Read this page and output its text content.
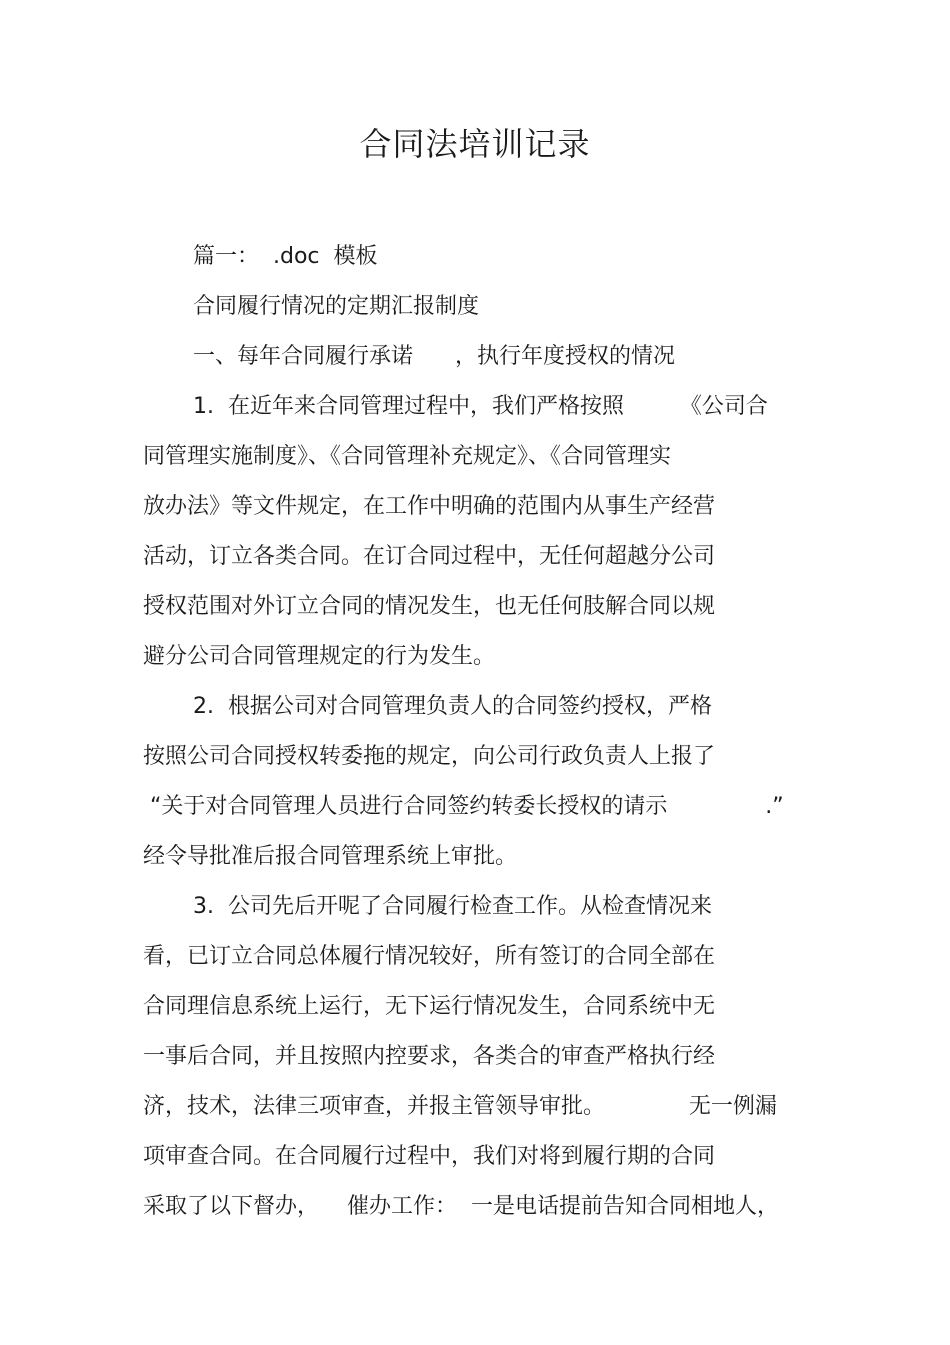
合同法培训记录
篇一：  .doc  模板
合同履行情况的定期汇报制度
一、每年合同履行承诺      ，执行年度授权的情况
1.  在近年来合同管理过程中，我们严格按照        《公司合
同管理实施制度》、《合同管理补充规定》、《合同管理实
放办法》等文件规定，在工作中明确的范围内从事生产经营
活动，订立各类合同。在订合同过程中，无任何超越分公司
授权范围对外订立合同的情况发生，也无任何肢解合同以规
避分公司合同管理规定的行为发生。
2.  根据公司对合同管理负责人的合同签约授权，严格
按照公司合同授权转委拖的规定，向公司行政负责人上报了
“关于对合同管理人员进行合同签约转委长授权的请示              .”
经令导批准后报合同管理系统上审批。
3.  公司先后开呢了合同履行检查工作。从检查情况来
看，已订立合同总体履行情况较好，所有签订的合同全部在
合同理信息系统上运行，无下运行情况发生，合同系统中无
一事后合同，并且按照内控要求，各类合的审查严格执行经
济，技术，法律三项审查，并报主管领导审批。            无一例漏
项审查合同。在合同履行过程中，我们对将到履行期的合同
采取了以下督办，    催办工作：  一是电话提前告知合同相地人，
